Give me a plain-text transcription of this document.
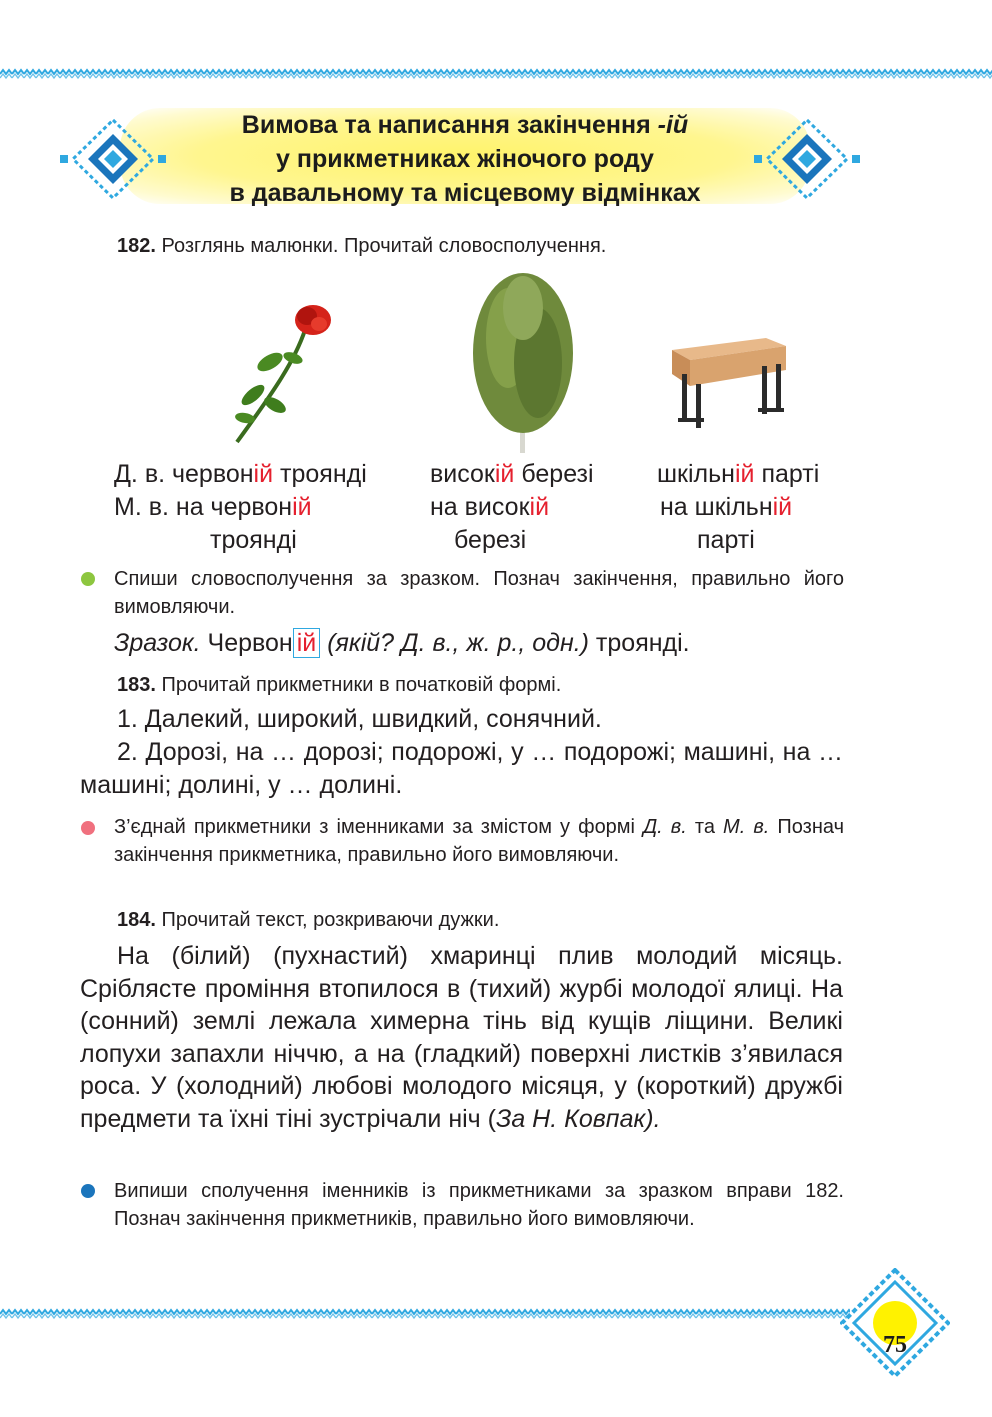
Вимова та написання закінчення -ій
у прикметниках жіночого роду
в давальному та місцевому відмінках
182. Розглянь малюнки. Прочитай словосполучення.
Д. в. червоній троянді
М. в. на червоній
троянді
високій березі
на високій
березі
шкільній парті
на шкільній
парті
Спиши словосполучення за зразком. Познач закінчення, правильно його вимовляючи.
Зразок. Червон ій (якій? Д. в., ж. р., одн.) троянді.
183. Прочитай прикметники в початковій формі.
1. Далекий, широкий, швидкий, сонячний.
2. Дорозі, на … дорозі; подорожі, у … подорожі; машині, на … машині; долині, у … долині.
З’єднай прикметники з іменниками за змістом у формі Д. в. та М. в. Познач закінчення прикметника, правильно його вимовляючи.
184. Прочитай текст, розкриваючи дужки.
На (білий) (пухнастий) хмаринці плив молодий місяць. Сріблясте проміння втопилося в (тихий) журбі молодої ялиці. На (сонний) землі лежала химерна тінь від кущів ліщини. Великі лопухи запахли ніччю, а на (гладкий) поверхні листків з’явилася роса. У (холодний) любові молодого місяця, у (короткий) дружбі предмети та їхні тіні зустрічали ніч (За Н. Ковпак).
Випиши сполучення іменників із прикметниками за зразком вправи 182. Познач закінчення прикметників, правильно його вимовляючи.
75
